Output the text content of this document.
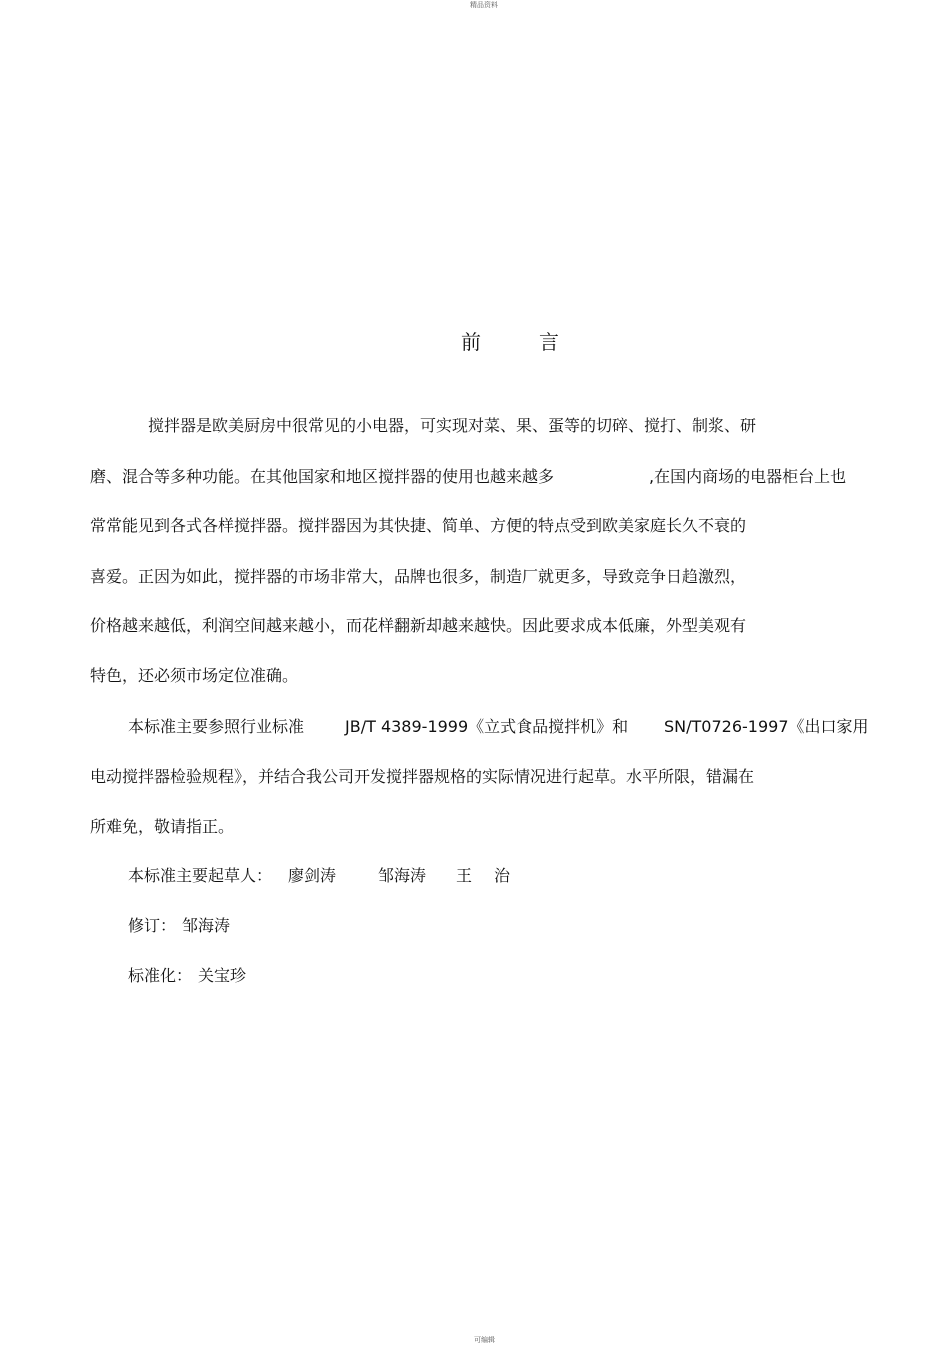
精品资料
前	言
搅拌器是欧美厨房中很常见的小电器，可实现对菜、果、蛋等的切碎、搅打、制浆、研
磨、混合等多种功能。在其他国家和地区搅拌器的使用也越来越多	,在国内商场的电器柜台上也
常常能见到各式各样搅拌器。搅拌器因为其快捷、简单、方便的特点受到欧美家庭长久不衰的
喜爱。正因为如此，搅拌器的市场非常大，品牌也很多，制造厂就更多，导致竞争日趋激烈，
价格越来越低，利润空间越来越小，而花样翻新却越来越快。因此要求成本低廉，外型美观有
特色，还必须市场定位准确。
本标准主要参照行业标准	JB/T 4389-1999《立式食品搅拌机》和 SN/T0726-1997《出口家用
电动搅拌器检验规程》，并结合我公司开发搅拌器规格的实际情况进行起草。水平所限，错漏在
所难免，敬请指正。
本标准主要起草人： 廖剑涛	邹海涛 王 治
修订： 邹海涛
标准化： 关宝珍
可编辑
